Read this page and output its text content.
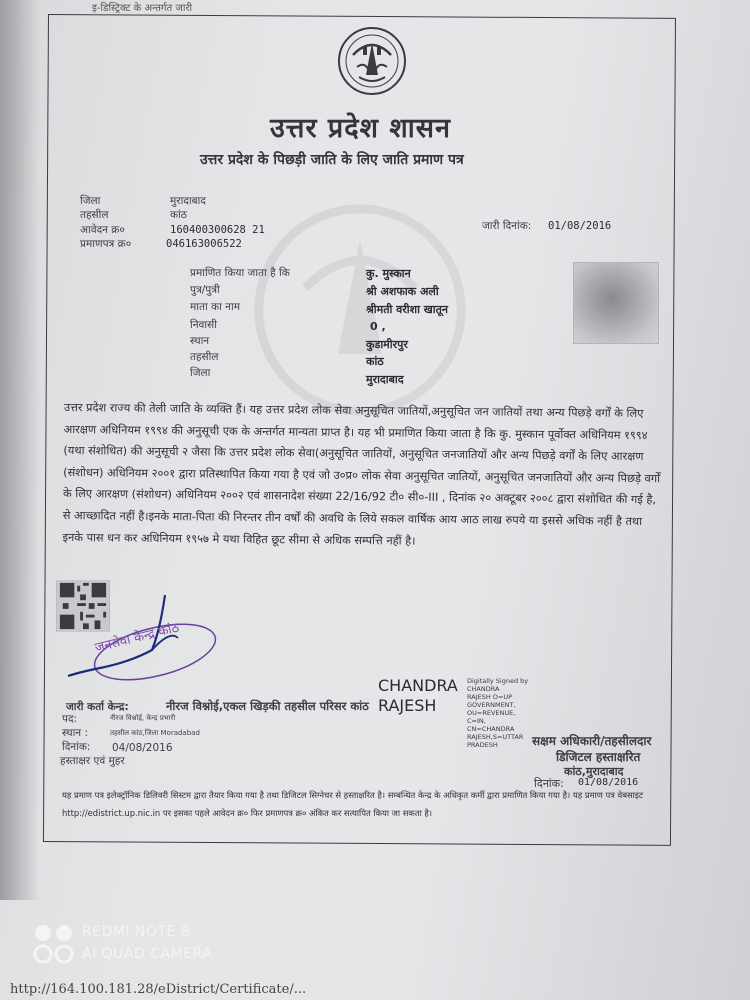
इ-डिस्ट्रिक्ट के अन्तर्गत जारी
उत्तर प्रदेश शासन
उत्तर प्रदेश के पिछड़ी जाति के लिए जाति प्रमाण पत्र
जिला	मुरादाबाद
तहसील	कांठ
आवेदन क्र०	160400300628 21
प्रमाणपत्र क्र०	046163006522
जारी दिनांक: 01/08/2016
प्रमाणित किया जाता है कि	कु. मुस्कान
पुत्र/पुत्री	श्री अशफाक अली
माता का नाम	श्रीमती वरीशा खातून
निवासी	0 ,
स्थान	कुडामीरपुर
तहसील	कांठ
जिला	मुरादाबाद
उत्तर प्रदेश राज्य की तेली जाति के व्यक्ति हैं। यह उत्तर प्रदेश लोक सेवा अनुसूचित जातियों,अनुसूचित जन जातियों तथा अन्य पिछड़े वर्गों के लिए आरक्षण अधिनियम १९९४ की अनुसूची एक के अन्तर्गत मान्यता प्राप्त है। यह भी प्रमाणित किया जाता है कि कु. मुस्कान पूर्वोक्त अधिनियम १९९४ (यथा संशोधित) की अनुसूची २ जैसा कि उत्तर प्रदेश लोक सेवा(अनुसूचित जातियों, अनुसूचित जनजातियों और अन्य पिछड़े वर्गों के लिए आरक्षण (संशोधन) अधिनियम २००१ द्वारा प्रतिस्थापित किया गया है एवं जो उ०प्र० लोक सेवा अनुसूचित जातियों, अनुसूचित जनजातियों और अन्य पिछड़े वर्गों के लिए आरक्षण (संशोधन) अधिनियम २००२ एवं शासनादेश संख्या 22/16/92 टी० सी०-III , दिनांक २० अक्टूबर २००८ द्वारा संशोधित की गई है, से आच्छादित नहीं है।इनके माता-पिता की निरन्तर तीन वर्षों की अवधि के लिये सकल वार्षिक आय आठ लाख रुपये या इससे अधिक नहीं है तथा इनके पास धन कर अधिनियम १९५७ मे यथा विहित छूट सीमा से अधिक सम्पत्ति नहीं है।
जनसेवा केन्द्र कांठ
CHANDRA
RAJESH
Digitally Signed by
CHANDRA
RAJESH O=UP
GOVERNMENT,
OU=REVENUE,
C=IN,
CN=CHANDRA
RAJESH,S=UTTAR
PRADESH
जारी कर्ता केन्द्र:	नीरज विश्नोई,एकल खिड़की तहसील परिसर कांठ
पद:	नीरज विश्नोई, केन्द्र प्रभारी
स्थान :	तहसील कांठ,जिला Moradabad
दिनांक: 04/08/2016
हस्ताक्षर एवं मुहर
सक्षम अधिकारी/तहसीलदार
डिजिटल हस्ताक्षरित
कांठ,मुरादाबाद
दिनांक: 01/08/2016
यह प्रमाण पत्र इलेक्ट्रॉनिक डिलिवरी सिस्टम द्वारा तैयार किया गया है तथा डिजिटल सिग्नेचर से हस्ताक्षरित है। सम्बन्धित केन्द्र के अधिकृत कर्मी द्वारा प्रमाणित किया गया है। यह प्रमाण पत्र वेबसाइट http://edistrict.up.nic.in पर इसका पहले आवेदन क्र० फिर प्रमाणपत्र क्र० अंकित कर सत्यापित किया जा सकता है।
REDMI NOTE 8
AI QUAD CAMERA
http://164.100.181.28/eDistrict/Certificate/...
